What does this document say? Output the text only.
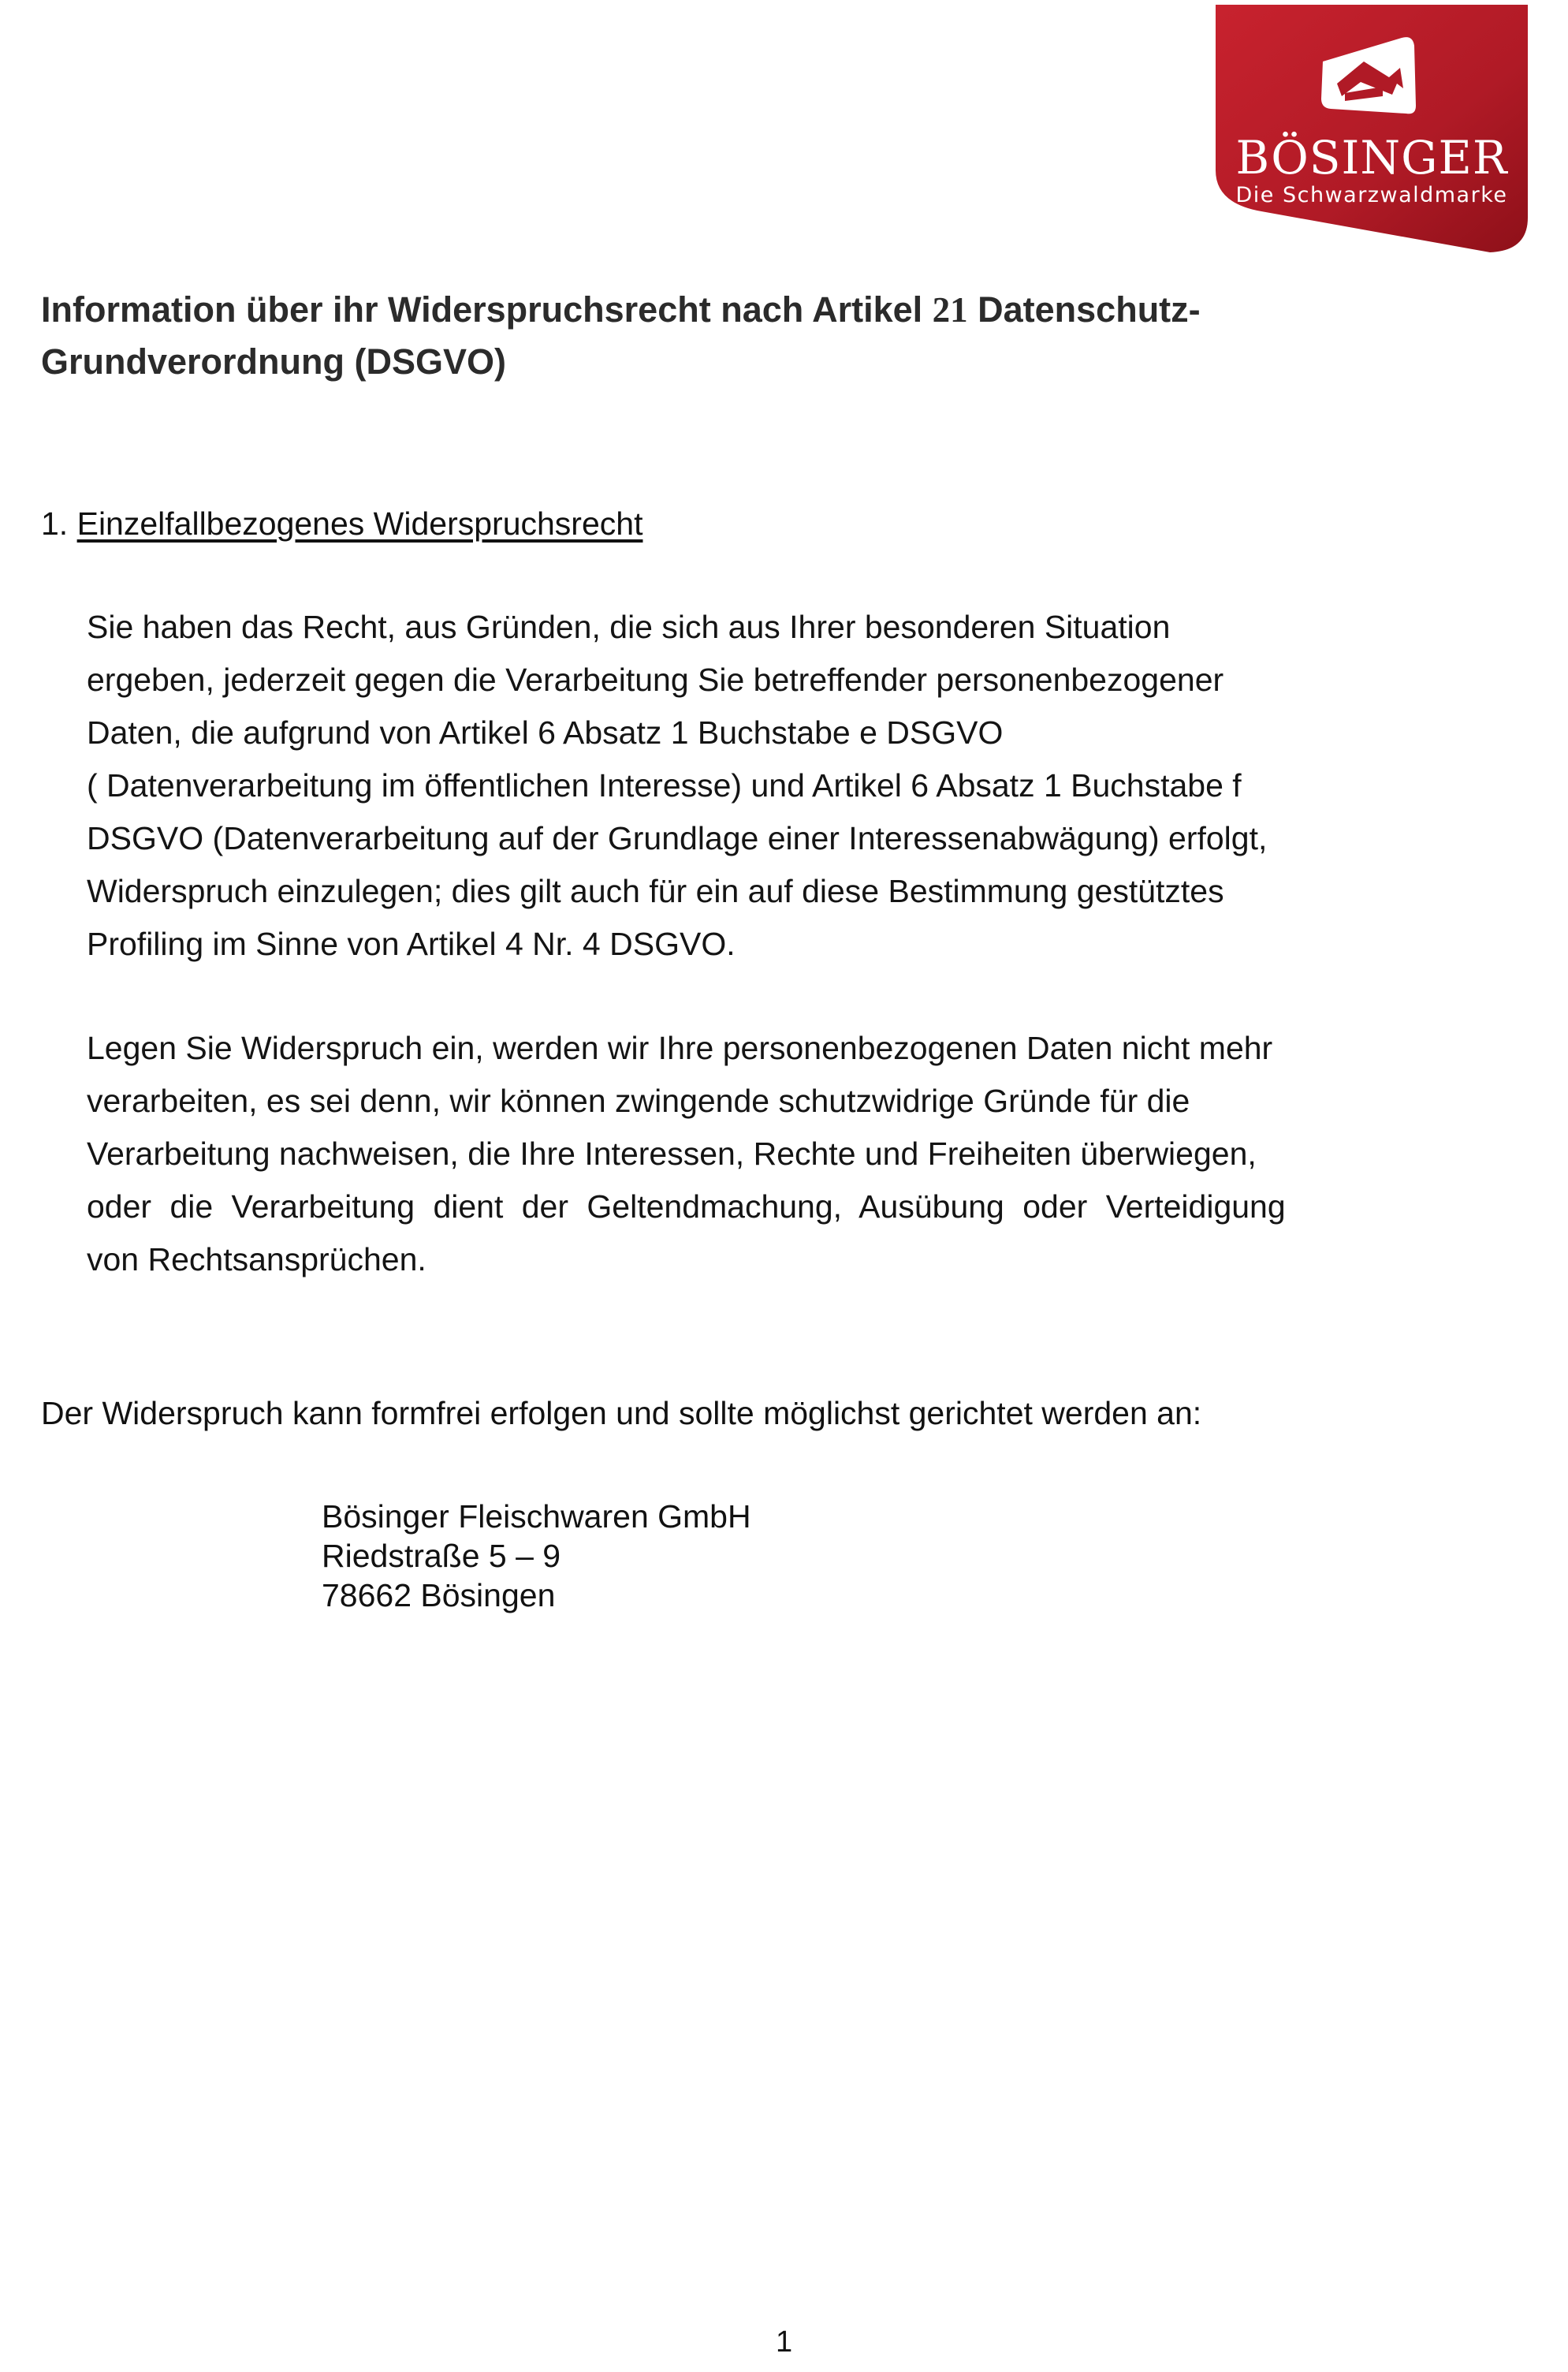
BÖSINGER
Die Schwarzwaldmarke
Information über ihr Widerspruchsrecht nach Artikel 21 Datenschutz-
Grundverordnung (DSGVO)

1. Einzelfallbezogenes Widerspruchsrecht

Sie haben das Recht, aus Gründen, die sich aus Ihrer besonderen Situation
ergeben, jederzeit gegen die Verarbeitung Sie betreffender personenbezogener
Daten, die aufgrund von Artikel 6 Absatz 1 Buchstabe e DSGVO
( Datenverarbeitung im öffentlichen Interesse) und Artikel 6 Absatz 1 Buchstabe f
DSGVO (Datenverarbeitung auf der Grundlage einer Interessenabwägung) erfolgt,
Widerspruch einzulegen; dies gilt auch für ein auf diese Bestimmung gestütztes
Profiling im Sinne von Artikel 4 Nr. 4 DSGVO.

Legen Sie Widerspruch ein, werden wir Ihre personenbezogenen Daten nicht mehr
verarbeiten, es sei denn, wir können zwingende schutzwidrige Gründe für die
Verarbeitung nachweisen, die Ihre Interessen, Rechte und Freiheiten überwiegen,
oder die Verarbeitung dient der Geltendmachung, Ausübung oder Verteidigung
von Rechtsansprüchen.

Der Widerspruch kann formfrei erfolgen und sollte möglichst gerichtet werden an:

Bösinger Fleischwaren GmbH
Riedstraße 5 – 9
78662 Bösingen

1
